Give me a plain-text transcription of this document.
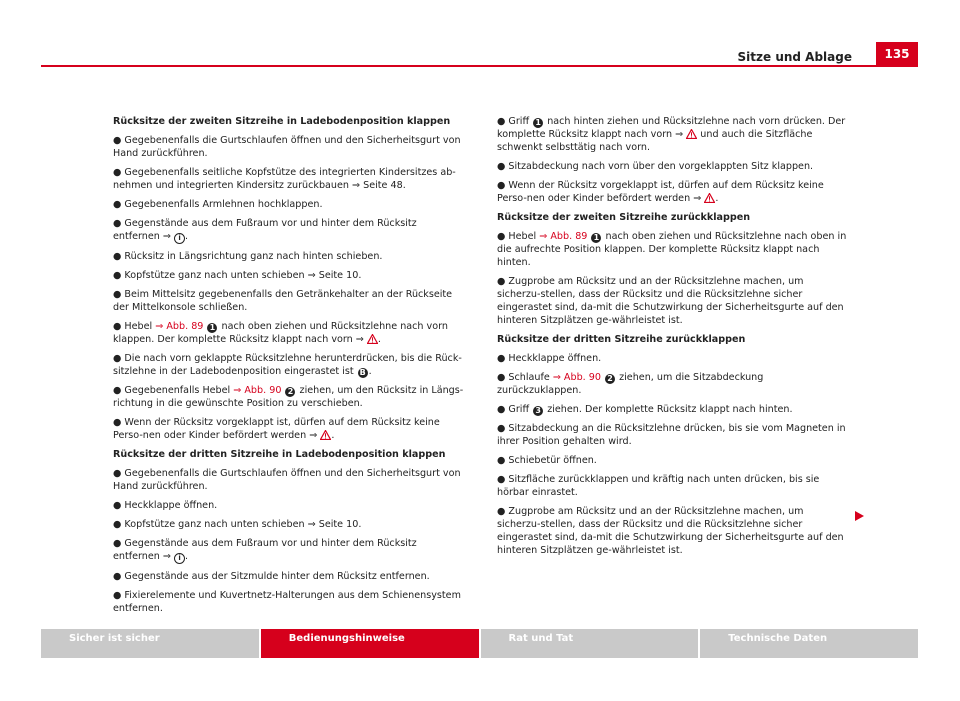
Sitze und Ablage	135
Rücksitze der zweiten Sitzreihe in Ladebodenposition klappen

● Gegebenenfalls die Gurtschlaufen öffnen und den Sicherheitsgurt von Hand zurückführen.

● Gegebenenfalls seitliche Kopfstütze des integrierten Kindersitzes ab-nehmen und integrierten Kindersitz zurückbauen ⇒ Seite 48.

● Gegebenenfalls Armlehnen hochklappen.

● Gegenstände aus dem Fußraum vor und hinter dem Rücksitz entfernen ⇒ i .

● Rücksitz in Längsrichtung ganz nach hinten schieben.

● Kopfstütze ganz nach unten schieben ⇒ Seite 10.

● Beim Mittelsitz gegebenenfalls den Getränkehalter an der Rückseite der Mittelkonsole schließen.

● Hebel ⇒ Abb. 89 1 nach oben ziehen und Rücksitzlehne nach vorn klappen. Der komplette Rücksitz klappt nach vorn ⇒ .

● Die nach vorn geklappte Rücksitzlehne herunterdrücken, bis die Rück-sitzlehne in der Ladebodenposition eingerastet ist B .

● Gegebenenfalls Hebel ⇒ Abb. 90 2 ziehen, um den Rücksitz in Längs-richtung in die gewünschte Position zu verschieben.

● Wenn der Rücksitz vorgeklappt ist, dürfen auf dem Rücksitz keine Perso-nen oder Kinder befördert werden ⇒ .

Rücksitze der dritten Sitzreihe in Ladebodenposition klappen

● Gegebenenfalls die Gurtschlaufen öffnen und den Sicherheitsgurt von Hand zurückführen.

● Heckklappe öffnen.

● Kopfstütze ganz nach unten schieben ⇒ Seite 10.

● Gegenstände aus dem Fußraum vor und hinter dem Rücksitz entfernen ⇒ i .

● Gegenstände aus der Sitzmulde hinter dem Rücksitz entfernen.

● Fixierelemente und Kuvertnetz-Halterungen aus dem Schienensystem entfernen.

● Griff 1 nach hinten ziehen und Rücksitzlehne nach vorn drücken. Der komplette Rücksitz klappt nach vorn ⇒ und auch die Sitzfläche schwenkt selbsttätig nach vorn.

● Sitzabdeckung nach vorn über den vorgeklappten Sitz klappen.

● Wenn der Rücksitz vorgeklappt ist, dürfen auf dem Rücksitz keine Perso-nen oder Kinder befördert werden ⇒ .

Rücksitze der zweiten Sitzreihe zurückklappen

● Hebel ⇒ Abb. 89 1 nach oben ziehen und Rücksitzlehne nach oben in die aufrechte Position klappen. Der komplette Rücksitz klappt nach hinten.

● Zugprobe am Rücksitz und an der Rücksitzlehne machen, um sicherzu-stellen, dass der Rücksitz und die Rücksitzlehne sicher eingerastet sind, da-mit die Schutzwirkung der Sicherheitsgurte auf den hinteren Sitzplätzen ge-währleistet ist.

Rücksitze der dritten Sitzreihe zurückklappen

● Heckklappe öffnen.

● Schlaufe ⇒ Abb. 90 2 ziehen, um die Sitzabdeckung zurückzuklappen.

● Griff 3 ziehen. Der komplette Rücksitz klappt nach hinten.

● Sitzabdeckung an die Rücksitzlehne drücken, bis sie vom Magneten in ihrer Position gehalten wird.

● Schiebetür öffnen.

● Sitzfläche zurückklappen und kräftig nach unten drücken, bis sie hörbar einrastet.

● Zugprobe am Rücksitz und an der Rücksitzlehne machen, um sicherzu-stellen, dass der Rücksitz und die Rücksitzlehne sicher eingerastet sind, da-mit die Schutzwirkung der Sicherheitsgurte auf den hinteren Sitzplätzen ge-währleistet ist.

Sicher ist sicher	Bedienungshinweise	Rat und Tat	Technische Daten
